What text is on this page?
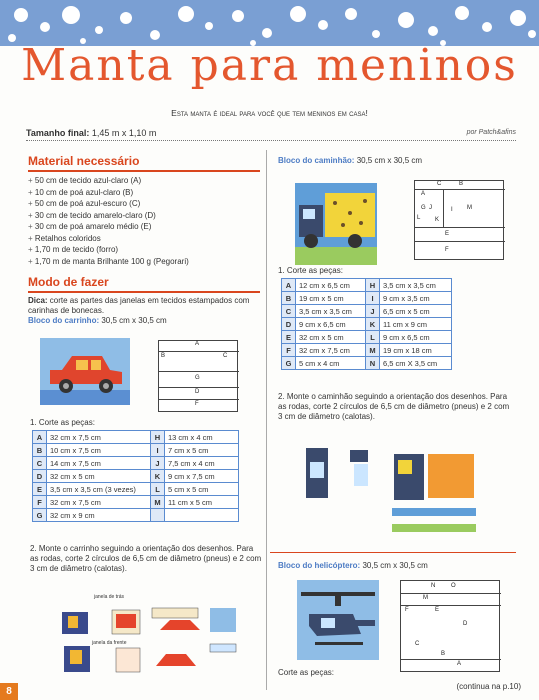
Manta para meninos
Esta manta é ideal para você que tem meninos em casa!
Tamanho final: 1,45 m x 1,10 m	por Patch&afins
Material necessário
+ 50 cm de tecido azul-claro (A)
+ 10 cm de poá azul-claro (B)
+ 50 cm de poá azul-escuro (C)
+ 30 cm de tecido amarelo-claro (D)
+ 30 cm de poá amarelo médio (E)
+ Retalhos coloridos
+ 1,70 m de tecido (forro)
+ 1,70 m de manta Brilhante 100 g (Pegorari)
Modo de fazer

Dica: corte as partes das janelas em tecidos estampados com carinhas de bonecas.

Bloco do carrinho: 30,5 cm x 30,5 cm

A
B	C
G
D
F
1. Corte as peças:
A	32 cm x 7,5 cm	H	13 cm x 4 cm
B	10 cm x 7,5 cm	I	7 cm x 5 cm
C	14 cm x 7,5 cm	J	7,5 cm x 4 cm
D	32 cm x 5 cm	K	9 cm x 7,5 cm
E	3,5 cm x 3,5 cm (3 vezes)	L	5 cm x 5 cm
F	32 cm x 7,5 cm	M	11 cm x 5 cm
G	32 cm x 9 cm		

2. Monte o carrinho seguindo a orientação dos desenhos. Para as rodas, corte 2 círculos de 6,5 cm de diâmetro (pneus) e 2 com 3 cm de diâmetro (calotas).

janela de trás
janela da frente
Bloco do caminhão: 30,5 cm x 30,5 cm
C	B
A
G J
K
M
L
E
F
I
1. Corte as peças:
A	12 cm x 6,5 cm	H	3,5 cm x 3,5 cm
B	19 cm x 5 cm	I	9 cm x 3,5 cm
C	3,5 cm x 3,5 cm	J	6,5 cm x 5 cm
D	9 cm x 6,5 cm	K	11 cm x 9 cm
E	32 cm x 5 cm	L	9 cm x 6,5 cm
F	32 cm x 7,5 cm	M	19 cm x 18 cm
G	5 cm x 4 cm	N	6,5 cm X 3,5 cm

2. Monte o caminhão seguindo a orientação dos desenhos. Para as rodas, corte 2 círculos de 6,5 cm de diâmetro (pneus) e 2 com 3 cm de diâmetro (calotas).

Bloco do helicóptero: 30,5 cm x 30,5 cm
N	O
M
F	E
D
C
B
A
Corte as peças:
8	(continua na p.10)
